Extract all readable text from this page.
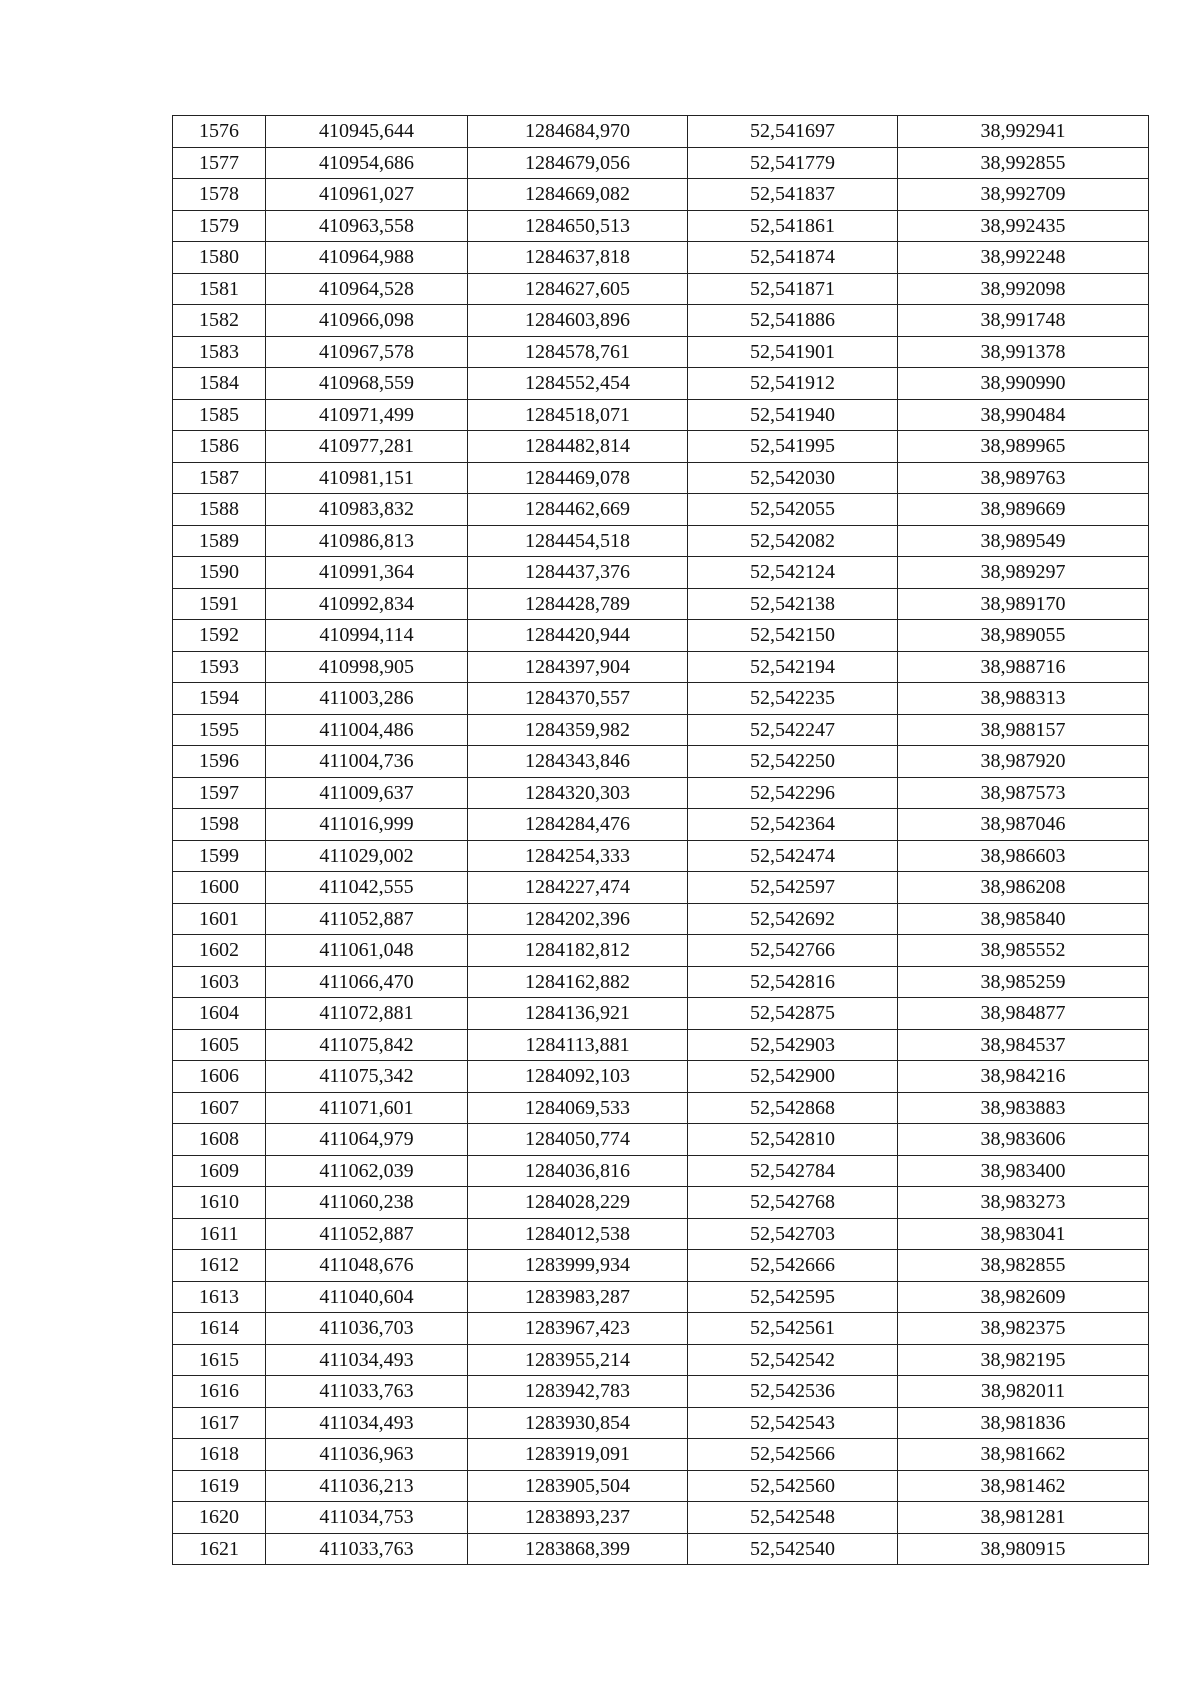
1576	410945,644	1284684,970	52,541697	38,992941
1577	410954,686	1284679,056	52,541779	38,992855
1578	410961,027	1284669,082	52,541837	38,992709
1579	410963,558	1284650,513	52,541861	38,992435
1580	410964,988	1284637,818	52,541874	38,992248
1581	410964,528	1284627,605	52,541871	38,992098
1582	410966,098	1284603,896	52,541886	38,991748
1583	410967,578	1284578,761	52,541901	38,991378
1584	410968,559	1284552,454	52,541912	38,990990
1585	410971,499	1284518,071	52,541940	38,990484
1586	410977,281	1284482,814	52,541995	38,989965
1587	410981,151	1284469,078	52,542030	38,989763
1588	410983,832	1284462,669	52,542055	38,989669
1589	410986,813	1284454,518	52,542082	38,989549
1590	410991,364	1284437,376	52,542124	38,989297
1591	410992,834	1284428,789	52,542138	38,989170
1592	410994,114	1284420,944	52,542150	38,989055
1593	410998,905	1284397,904	52,542194	38,988716
1594	411003,286	1284370,557	52,542235	38,988313
1595	411004,486	1284359,982	52,542247	38,988157
1596	411004,736	1284343,846	52,542250	38,987920
1597	411009,637	1284320,303	52,542296	38,987573
1598	411016,999	1284284,476	52,542364	38,987046
1599	411029,002	1284254,333	52,542474	38,986603
1600	411042,555	1284227,474	52,542597	38,986208
1601	411052,887	1284202,396	52,542692	38,985840
1602	411061,048	1284182,812	52,542766	38,985552
1603	411066,470	1284162,882	52,542816	38,985259
1604	411072,881	1284136,921	52,542875	38,984877
1605	411075,842	1284113,881	52,542903	38,984537
1606	411075,342	1284092,103	52,542900	38,984216
1607	411071,601	1284069,533	52,542868	38,983883
1608	411064,979	1284050,774	52,542810	38,983606
1609	411062,039	1284036,816	52,542784	38,983400
1610	411060,238	1284028,229	52,542768	38,983273
1611	411052,887	1284012,538	52,542703	38,983041
1612	411048,676	1283999,934	52,542666	38,982855
1613	411040,604	1283983,287	52,542595	38,982609
1614	411036,703	1283967,423	52,542561	38,982375
1615	411034,493	1283955,214	52,542542	38,982195
1616	411033,763	1283942,783	52,542536	38,982011
1617	411034,493	1283930,854	52,542543	38,981836
1618	411036,963	1283919,091	52,542566	38,981662
1619	411036,213	1283905,504	52,542560	38,981462
1620	411034,753	1283893,237	52,542548	38,981281
1621	411033,763	1283868,399	52,542540	38,980915
